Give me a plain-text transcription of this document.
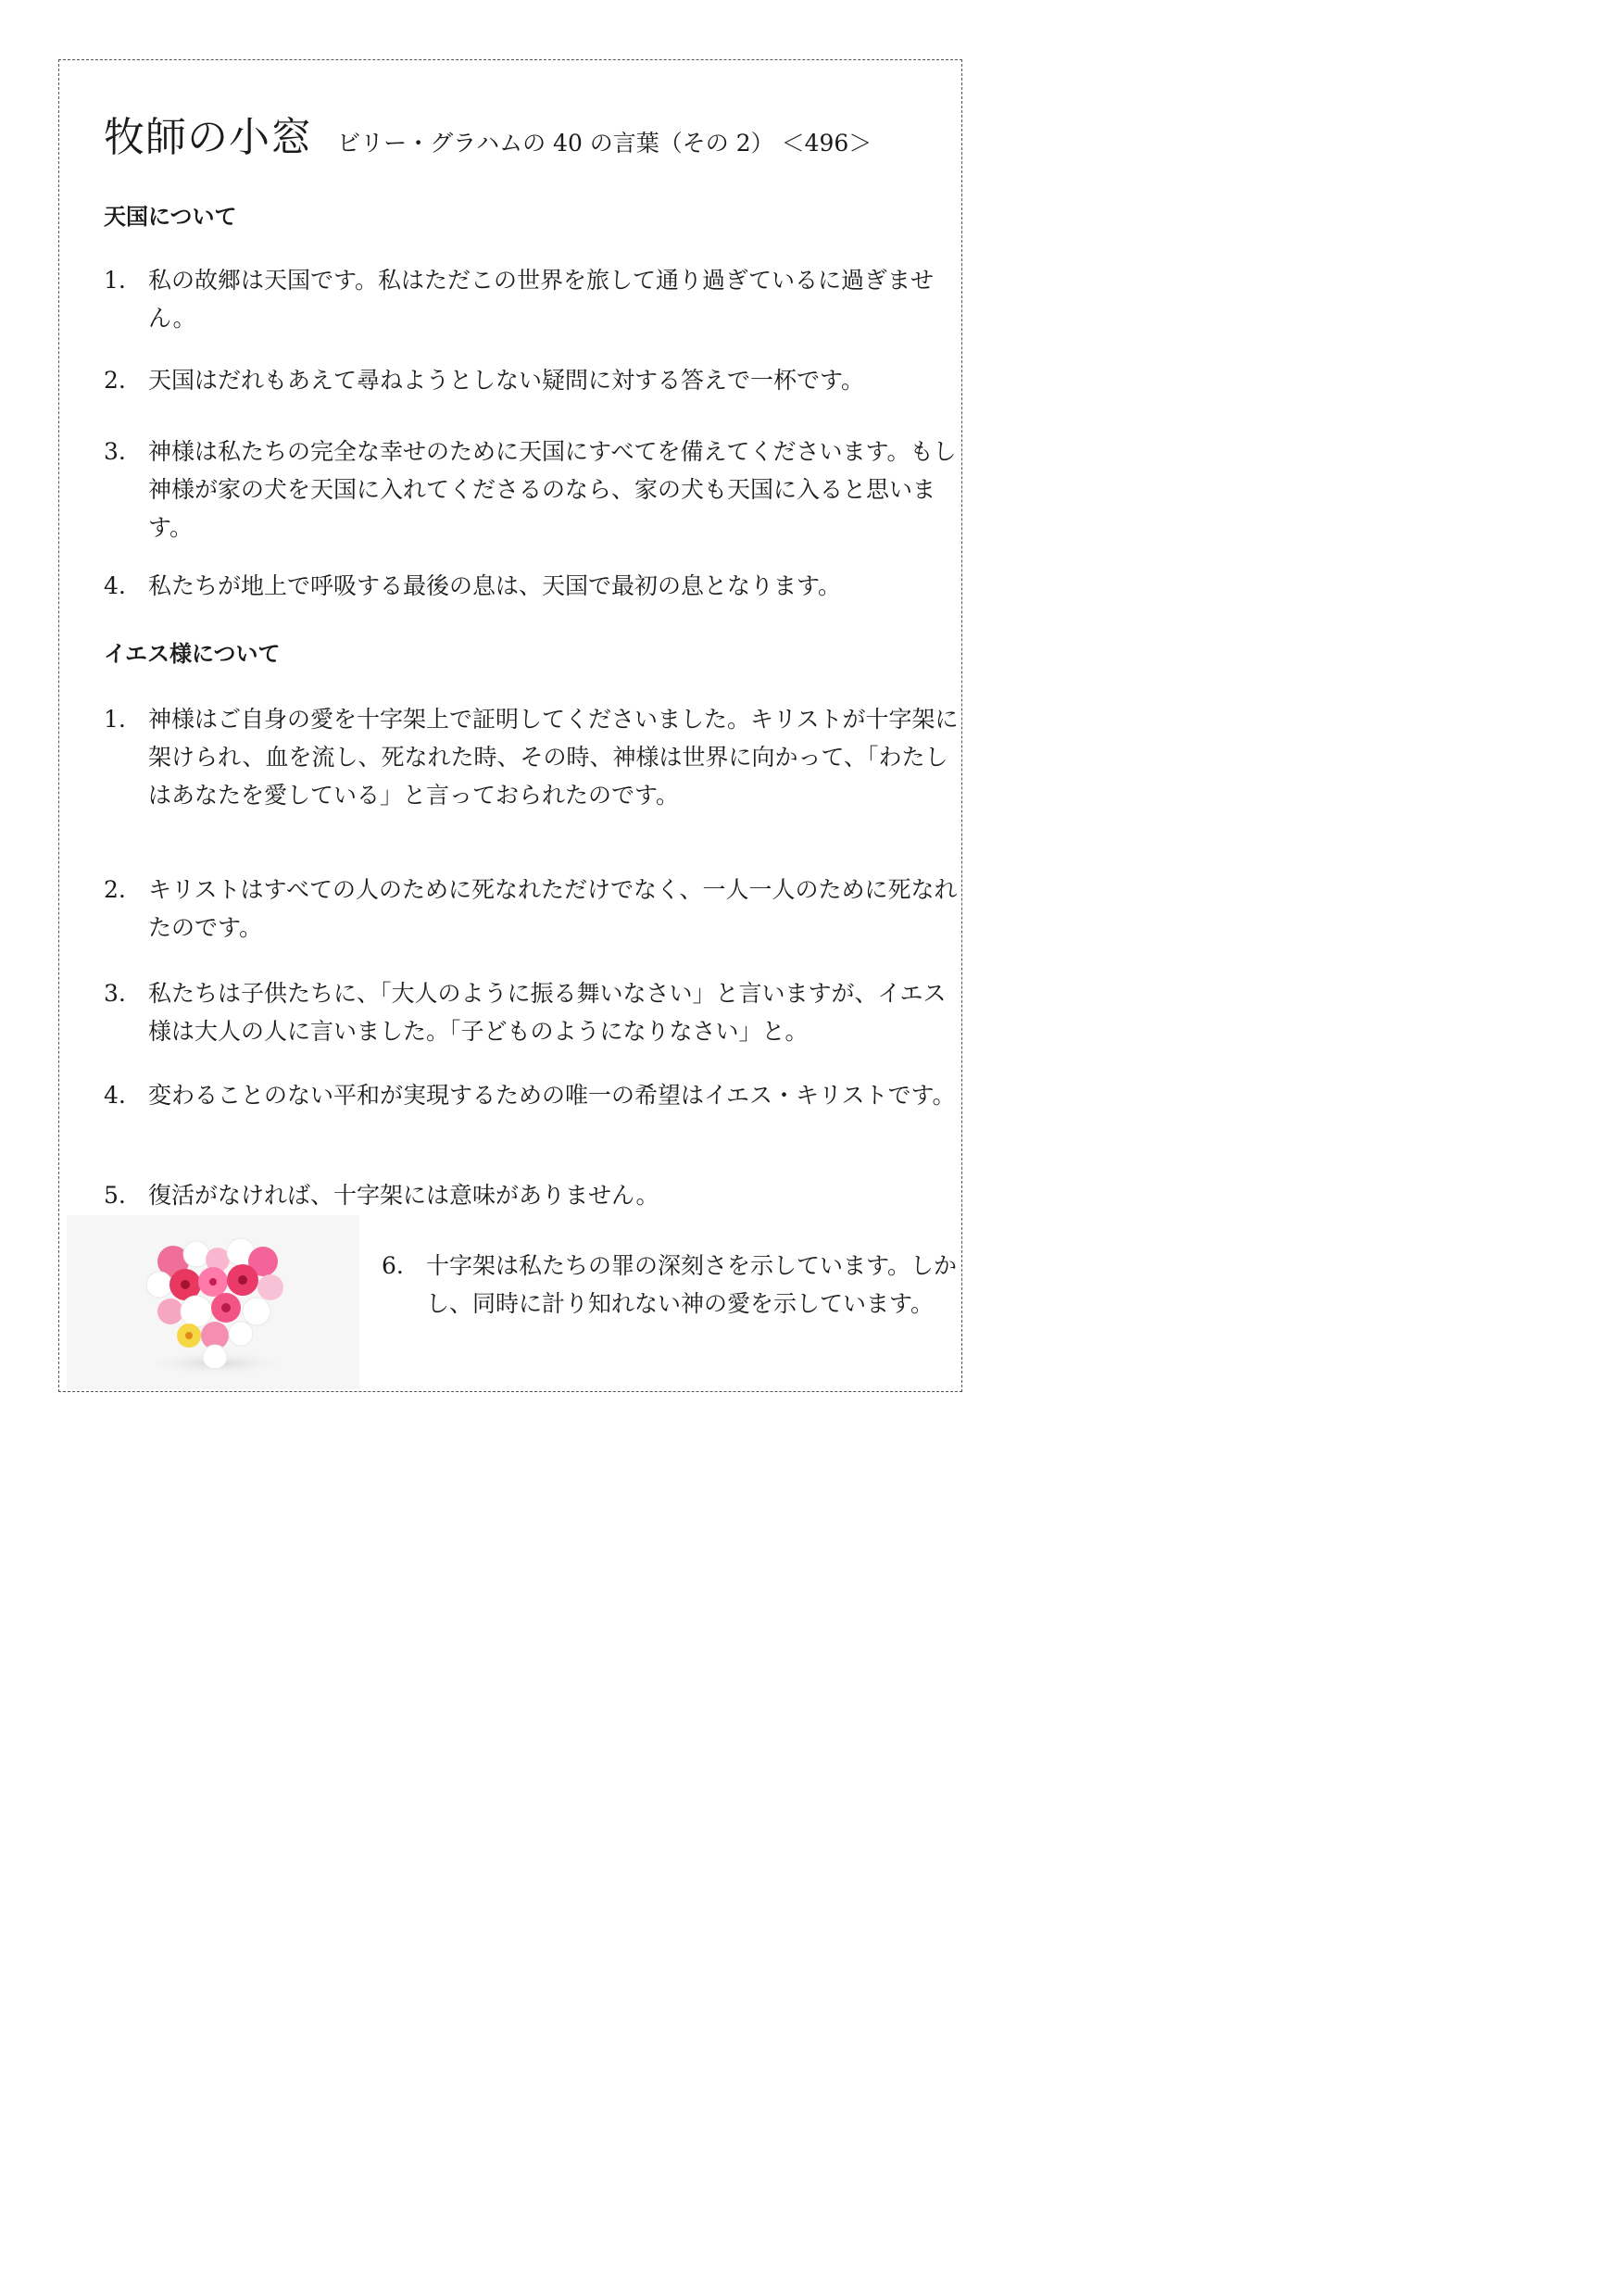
牧師の小窓 ビリー・グラハムの 40 の言葉（その 2） ＜496＞
天国について
1. 私の故郷は天国です。私はただこの世界を旅して通り過ぎているに過ぎません。
2. 天国はだれもあえて尋ねようとしない疑問に対する答えで一杯です。
3. 神様は私たちの完全な幸せのために天国にすべてを備えてくださいます。もし神様が家の犬を天国に入れてくださるのなら、家の犬も天国に入ると思います。
4. 私たちが地上で呼吸する最後の息は、天国で最初の息となります。
イエス様について
1. 神様はご自身の愛を十字架上で証明してくださいました。キリストが十字架に架けられ、血を流し、死なれた時、その時、神様は世界に向かって、「わたしはあなたを愛している」と言っておられたのです。
2. キリストはすべての人のために死なれただけでなく、一人一人のために死なれたのです。
3. 私たちは子供たちに、「大人のように振る舞いなさい」と言いますが、イエス様は大人の人に言いました。「子どものようになりなさい」と。
4. 変わることのない平和が実現するための唯一の希望はイエス・キリストです。
5. 復活がなければ、十字架には意味がありません。
6. 十字架は私たちの罪の深刻さを示しています。しかし、同時に計り知れない神の愛を示しています。
